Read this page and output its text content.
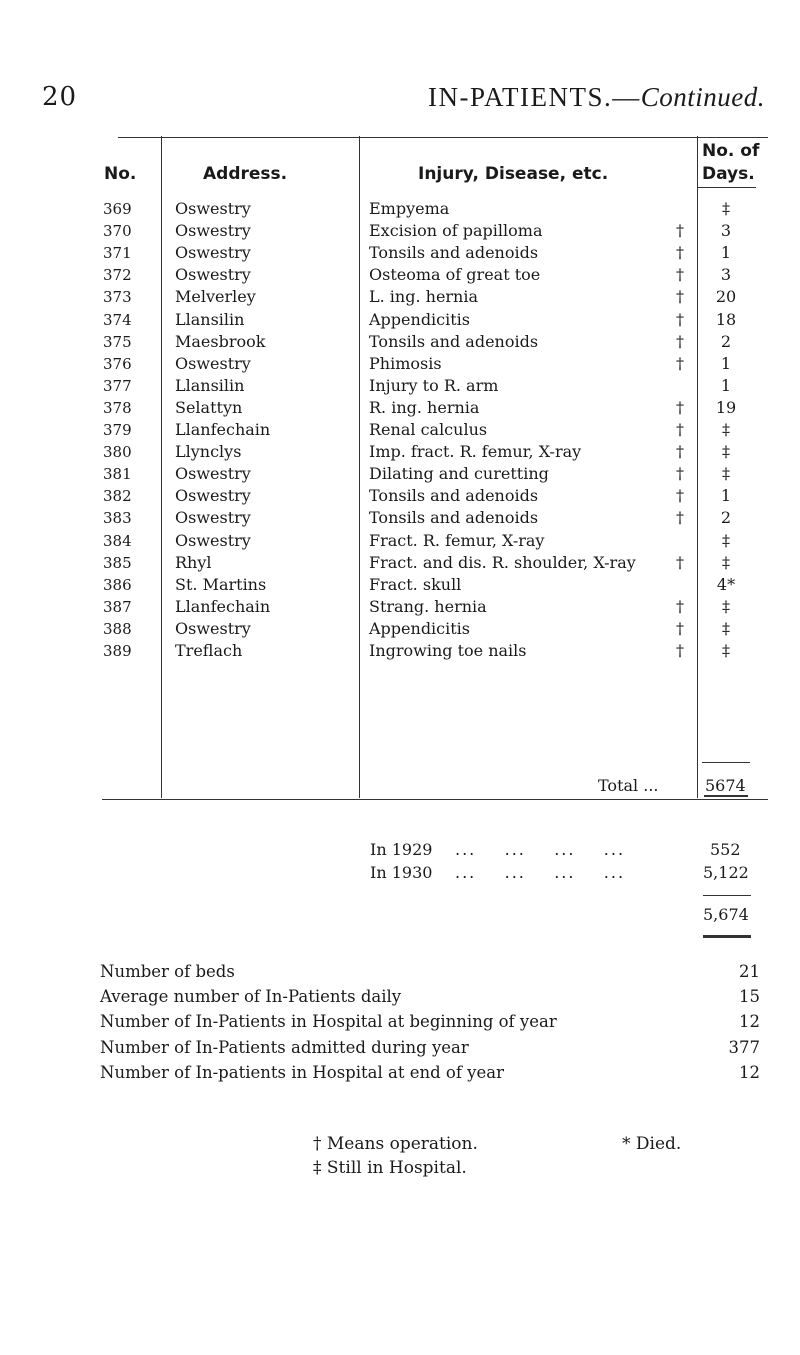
20	IN-PATIENTS.—Continued.
No.	Address.	Injury, Disease, etc.
No. of
Days.
369	Oswestry	Empyema	‡
370	Oswestry	Excision of papilloma	†	3
371	Oswestry	Tonsils and adenoids	†	1
372	Oswestry	Osteoma of great toe	†	3
373	Melverley	L. ing. hernia	†	20
374	Llansilin	Appendicitis	†	18
375	Maesbrook	Tonsils and adenoids	†	2
376	Oswestry	Phimosis	†	1
377	Llansilin	Injury to R. arm	1
378	Selattyn	R. ing. hernia	†	19
379	Llanfechain	Renal calculus	†	‡
380	Llynclys	Imp. fract. R. femur, X-ray	†	‡
381	Oswestry	Dilating and curetting	†	‡
382	Oswestry	Tonsils and adenoids	†	1
383	Oswestry	Tonsils and adenoids	†	2
384	Oswestry	Fract. R. femur, X-ray	‡
385	Rhyl	Fract. and dis. R. shoulder, X-ray	†	‡
386	St. Martins	Fract. skull	4*
387	Llanfechain	Strang. hernia	†	‡
388	Oswestry	Appendicitis	†	‡
389	Treflach	Ingrowing toe nails	†	‡
Total ...	5674
In 1929 ...    ...    ...    ...	552
In 1930 ...    ...    ...    ...	5,122
5,674
Number of beds	21
Average number of In-Patients daily	15
Number of In-Patients in Hospital at beginning of year	12
Number of In-Patients admitted during year	377
Number of In-patients in Hospital at end of year	12
† Means operation.	* Died.
‡ Still in Hospital.
